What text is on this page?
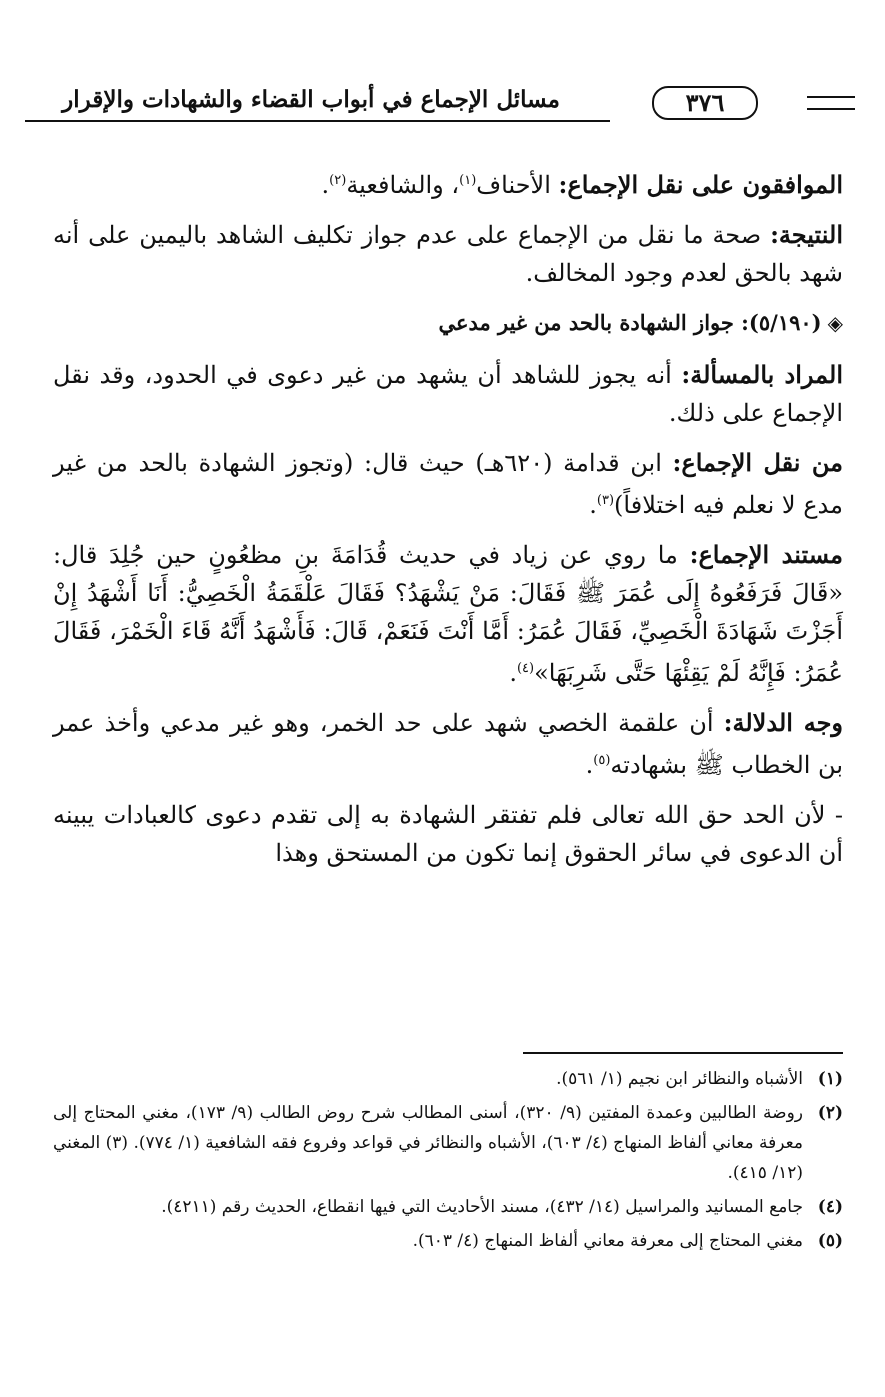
مسائل الإجماع في أبواب القضاء والشهادات والإقرار	٣٧٦

الموافقون على نقل الإجماع: الأحناف$^{(١)}$، والشافعية$^{(٢)}$.

النتيجة: صحة ما نقل من الإجماع على عدم جواز تكليف الشاهد باليمين على أنه شهد بالحق لعدم وجود المخالف.

◈(٥/١٩٠): جواز الشهادة بالحد من غير مدعي

المراد بالمسألة: أنه يجوز للشاهد أن يشهد من غير دعوى في الحدود، وقد نقل الإجماع على ذلك.

من نقل الإجماع: ابن قدامة (٦٢٠هـ) حيث قال: (وتجوز الشهادة بالحد من غير مدع لا نعلم فيه اختلافاً)$^{(٣)}$.

مستند الإجماع: ما روي عن زياد في حديث قُدَامَةَ بنِ مظعُونٍ حين جُلِدَ قال: «قَالَ فَرَفَعُوهُ إِلَى عُمَرَ ﷺ فَقَالَ: مَنْ يَشْهَدُ؟ فَقَالَ عَلْقَمَةُ الْخَصِيُّ: أَنَا أَشْهَدُ إِنْ أَجَزْتَ شَهَادَةَ الْخَصِيِّ، فَقَالَ عُمَرُ: أَمَّا أَنْتَ فَنَعَمْ، قَالَ: فَأَشْهَدُ أَنَّهُ قَاءَ الْخَمْرَ، فَقَالَ عُمَرُ: فَإِنَّهُ لَمْ يَقِئْهَا حَتَّى شَرِبَهَا»$^{(٤)}$.

وجه الدلالة: أن علقمة الخصي شهد على حد الخمر، وهو غير مدعي وأخذ عمر بن الخطاب ﷺ بشهادته$^{(٥)}$.

- لأن الحد حق الله تعالى فلم تفتقر الشهادة به إلى تقدم دعوى كالعبادات يبينه أن الدعوى في سائر الحقوق إنما تكون من المستحق وهذا

(١)
الأشباه والنظائر ابن نجيم (١/ ٥٦١).
(٢)
روضة الطالبين وعمدة المفتين (٩/ ٣٢٠)، أسنى المطالب شرح روض الطالب (٩/ ١٧٣)، مغني المحتاج إلى معرفة معاني ألفاظ المنهاج (٤/ ٦٠٣)، الأشباه والنظائر في قواعد وفروع فقه الشافعية (١/ ٧٧٤). (٣) المغني (١٢/ ٤١٥).
(٤)
جامع المسانيد والمراسيل (١٤/ ٤٣٢)، مسند الأحاديث التي فيها انقطاع، الحديث رقم (٤٢١١).
(٥)
مغني المحتاج إلى معرفة معاني ألفاظ المنهاج (٤/ ٦٠٣).
